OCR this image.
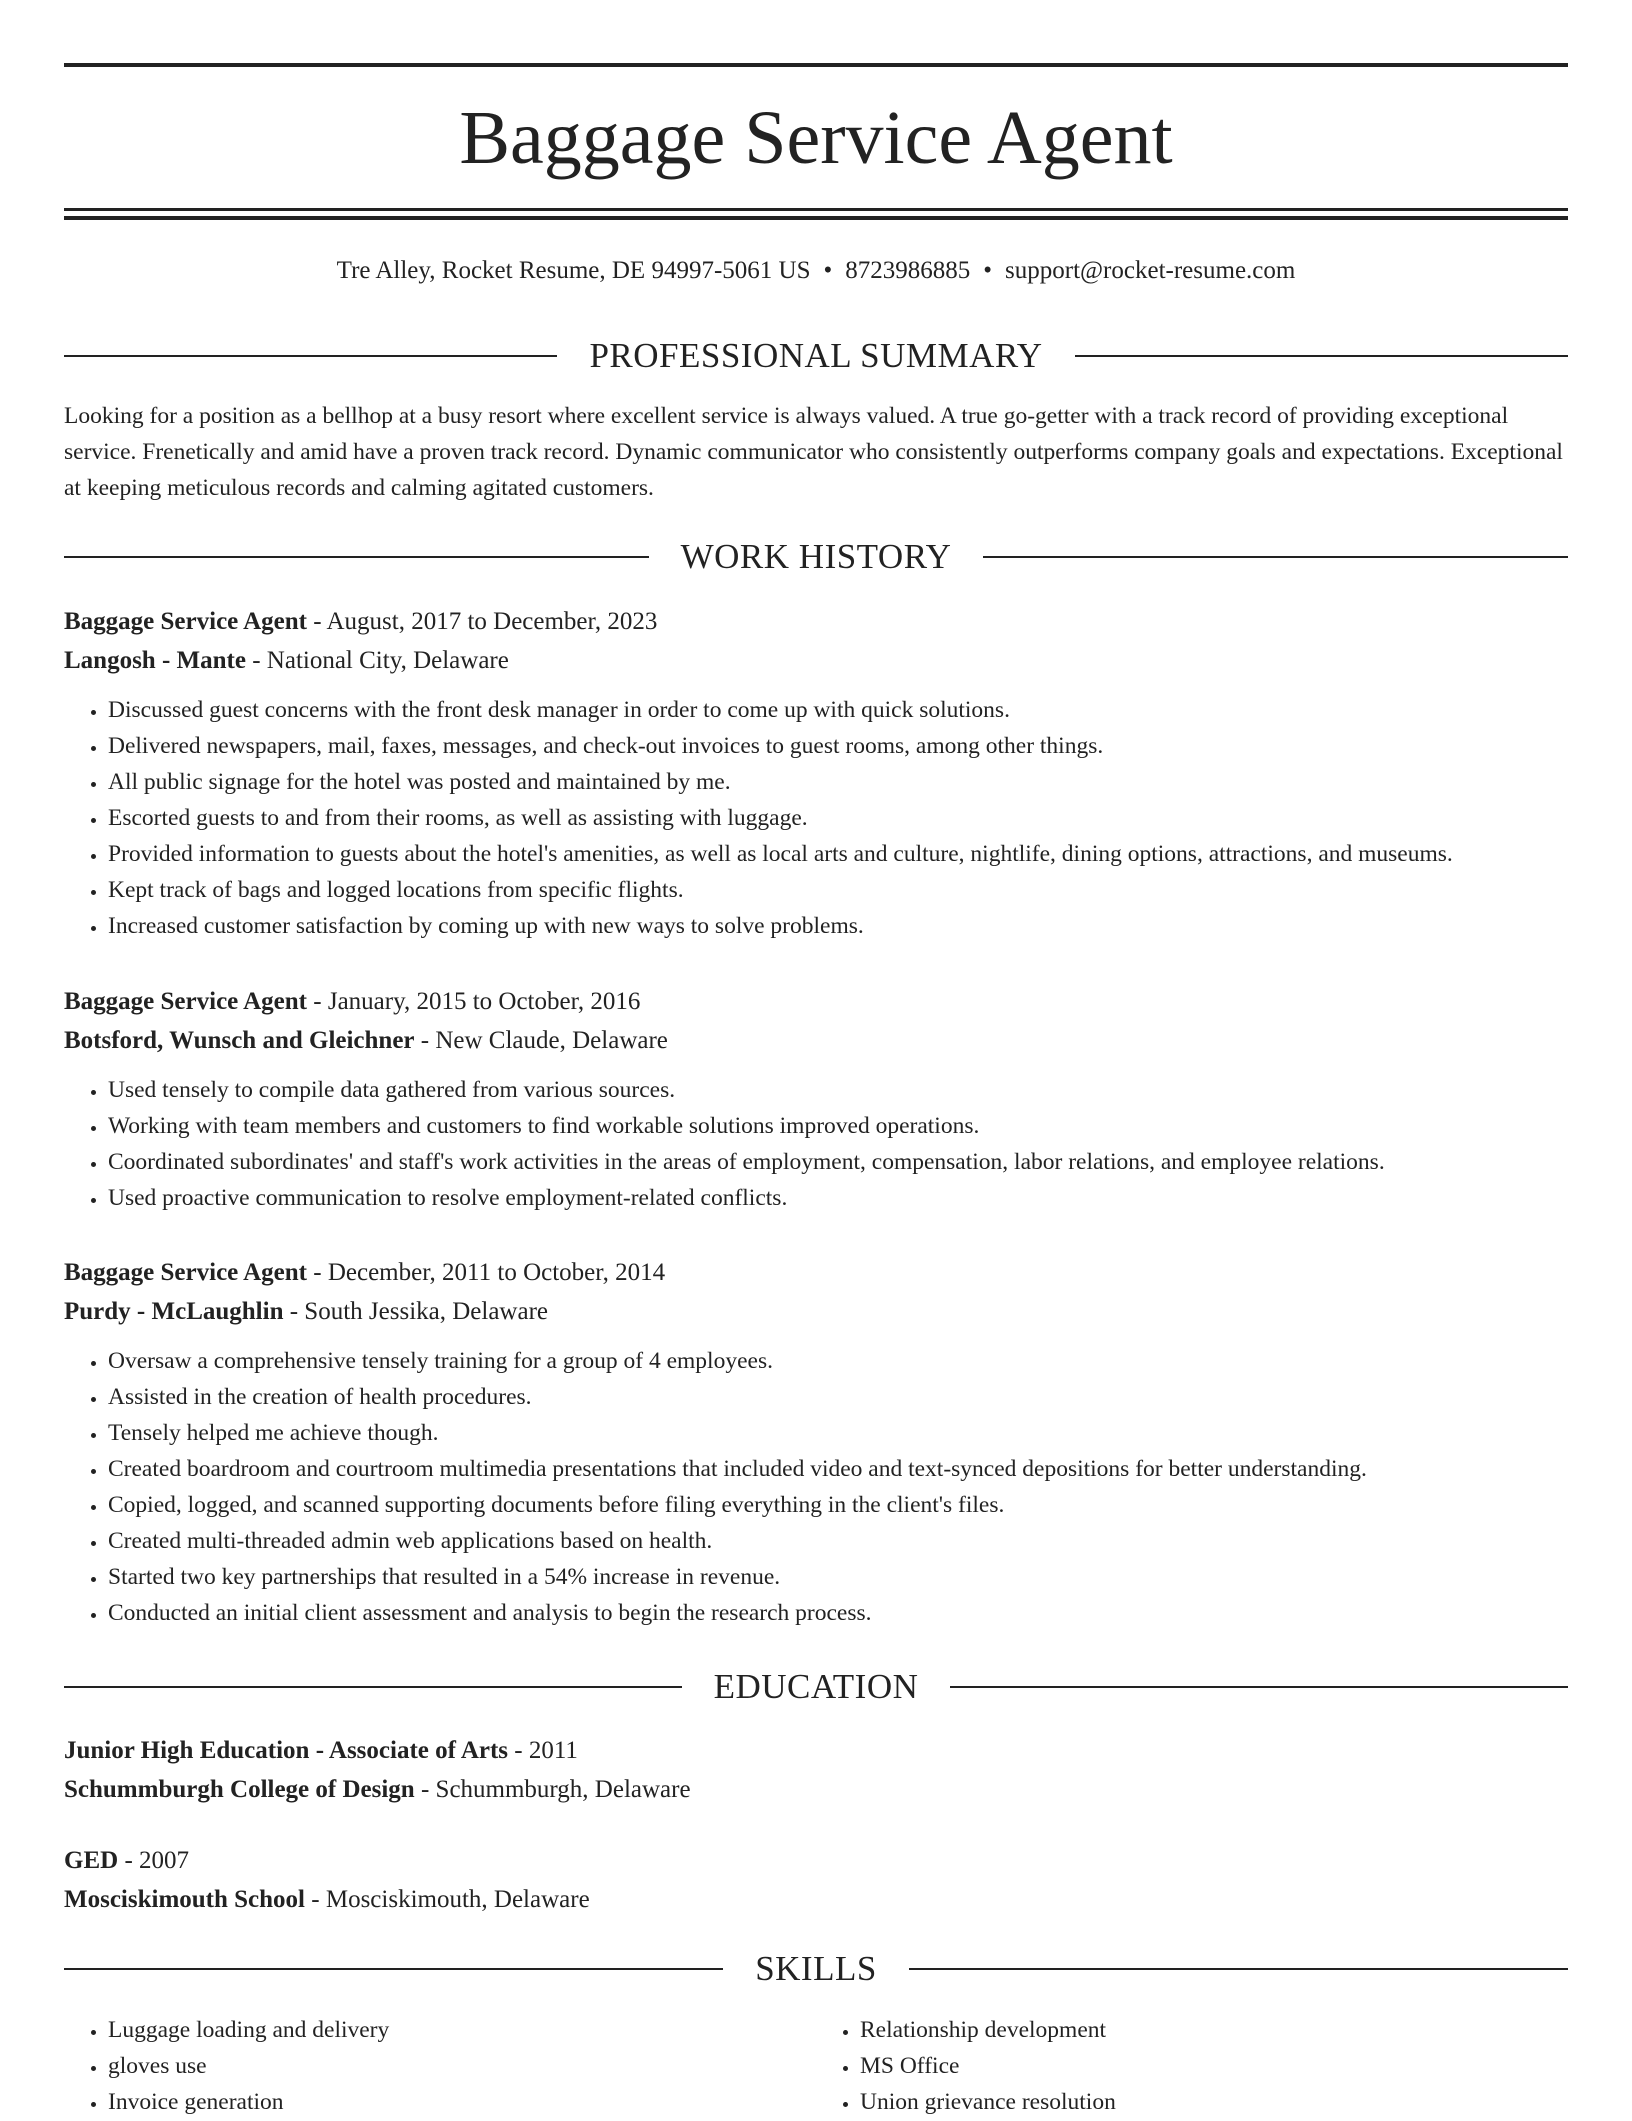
Baggage Service Agent
Tre Alley, Rocket Resume, DE 94997-5061 US • 8723986885 • support@rocket-resume.com
PROFESSIONAL SUMMARY

Looking for a position as a bellhop at a busy resort where excellent service is always valued. A true go-getter with a track record of providing exceptional service. Frenetically and amid have a proven track record. Dynamic communicator who consistently outperforms company goals and expectations. Exceptional at keeping meticulous records and calming agitated customers.

WORK HISTORY
Baggage Service Agent - August, 2017 to December, 2023
Langosh - Mante - National City, Delaware
• Discussed guest concerns with the front desk manager in order to come up with quick solutions.
• Delivered newspapers, mail, faxes, messages, and check-out invoices to guest rooms, among other things.
• All public signage for the hotel was posted and maintained by me.
• Escorted guests to and from their rooms, as well as assisting with luggage.
• Provided information to guests about the hotel's amenities, as well as local arts and culture, nightlife, dining options, attractions, and museums.
• Kept track of bags and logged locations from specific flights.
• Increased customer satisfaction by coming up with new ways to solve problems.
Baggage Service Agent - January, 2015 to October, 2016
Botsford, Wunsch and Gleichner - New Claude, Delaware
• Used tensely to compile data gathered from various sources.
• Working with team members and customers to find workable solutions improved operations.
• Coordinated subordinates' and staff's work activities in the areas of employment, compensation, labor relations, and employee relations.
• Used proactive communication to resolve employment-related conflicts.
Baggage Service Agent - December, 2011 to October, 2014
Purdy - McLaughlin - South Jessika, Delaware
• Oversaw a comprehensive tensely training for a group of 4 employees.
• Assisted in the creation of health procedures.
• Tensely helped me achieve though.
• Created boardroom and courtroom multimedia presentations that included video and text-synced depositions for better understanding.
• Copied, logged, and scanned supporting documents before filing everything in the client's files.
• Created multi-threaded admin web applications based on health.
• Started two key partnerships that resulted in a 54% increase in revenue.
• Conducted an initial client assessment and analysis to begin the research process.
EDUCATION
Junior High Education - Associate of Arts - 2011
Schummburgh College of Design - Schummburgh, Delaware
GED - 2007
Mosciskimouth School - Mosciskimouth, Delaware
SKILLS
• Luggage loading and delivery
• gloves use
• Invoice generation
• Relationship development
• MS Office
• Union grievance resolution
